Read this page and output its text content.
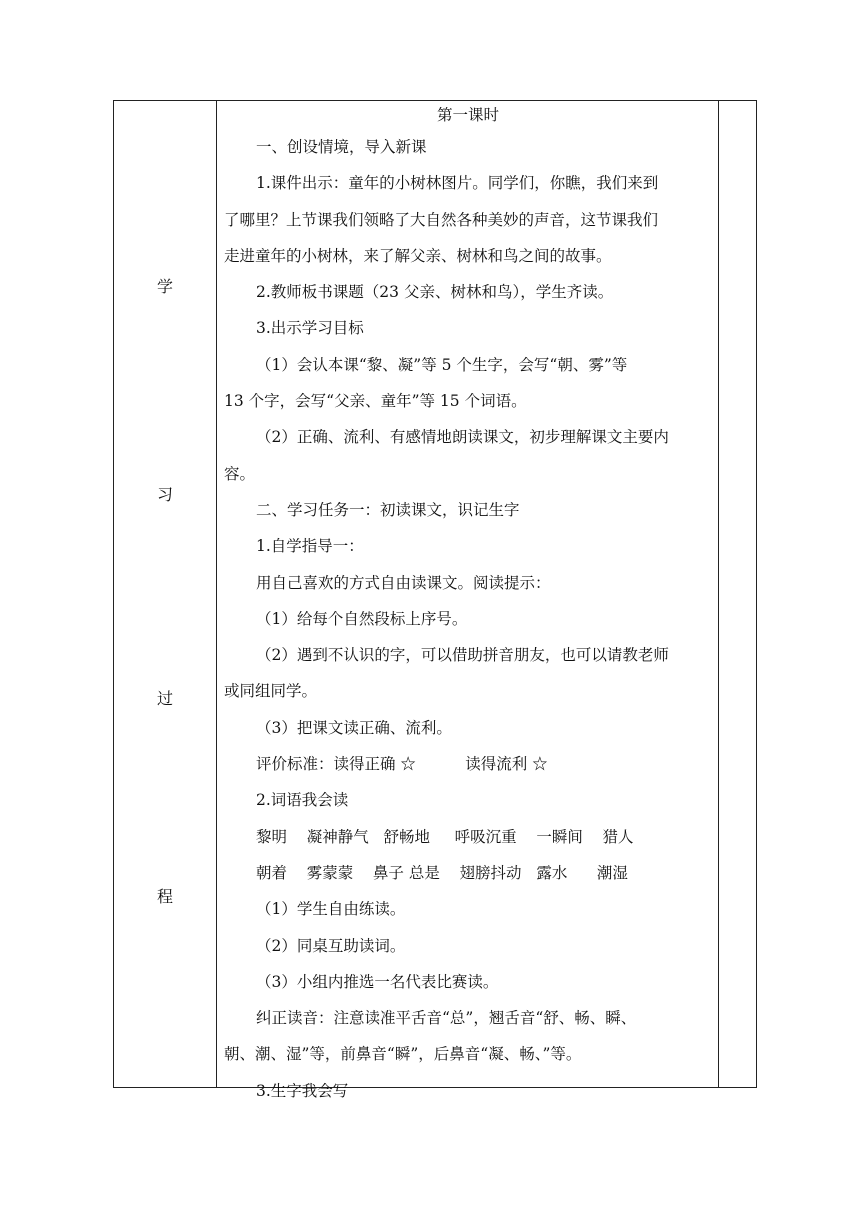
学
习
过
程
第一课时
一、创设情境，导入新课
1.课件出示：童年的小树林图片。同学们，你瞧，我们来到
了哪里？上节课我们领略了大自然各种美妙的声音，这节课我们
走进童年的小树林，来了解父亲、树林和鸟之间的故事。
2.教师板书课题（23 父亲、树林和鸟），学生齐读。
3.出示学习目标
（1）会认本课“黎、凝”等 5 个生字，会写“朝、雾”等
13 个字，会写“父亲、童年”等 15 个词语。
（2）正确、流利、有感情地朗读课文，初步理解课文主要内
容。
二、学习任务一：初读课文，识记生字
1.自学指导一：
用自己喜欢的方式自由读课文。阅读提示：
（1）给每个自然段标上序号。
（2）遇到不认识的字，可以借助拼音朋友，也可以请教老师
或同组同学。
（3）把课文读正确、流利。
评价标准：读得正确 ☆          读得流利 ☆
2.词语我会读
黎明    凝神静气   舒畅地     呼吸沉重    一瞬间    猎人
朝着    雾蒙蒙    鼻子 总是    翅膀抖动   露水      潮湿
（1）学生自由练读。
（2）同桌互助读词。
（3）小组内推选一名代表比赛读。
纠正读音：注意读准平舌音“总”，翘舌音“舒、畅、瞬、
朝、潮、湿”等，前鼻音“瞬”，后鼻音“凝、畅、”等。
3.生字我会写
